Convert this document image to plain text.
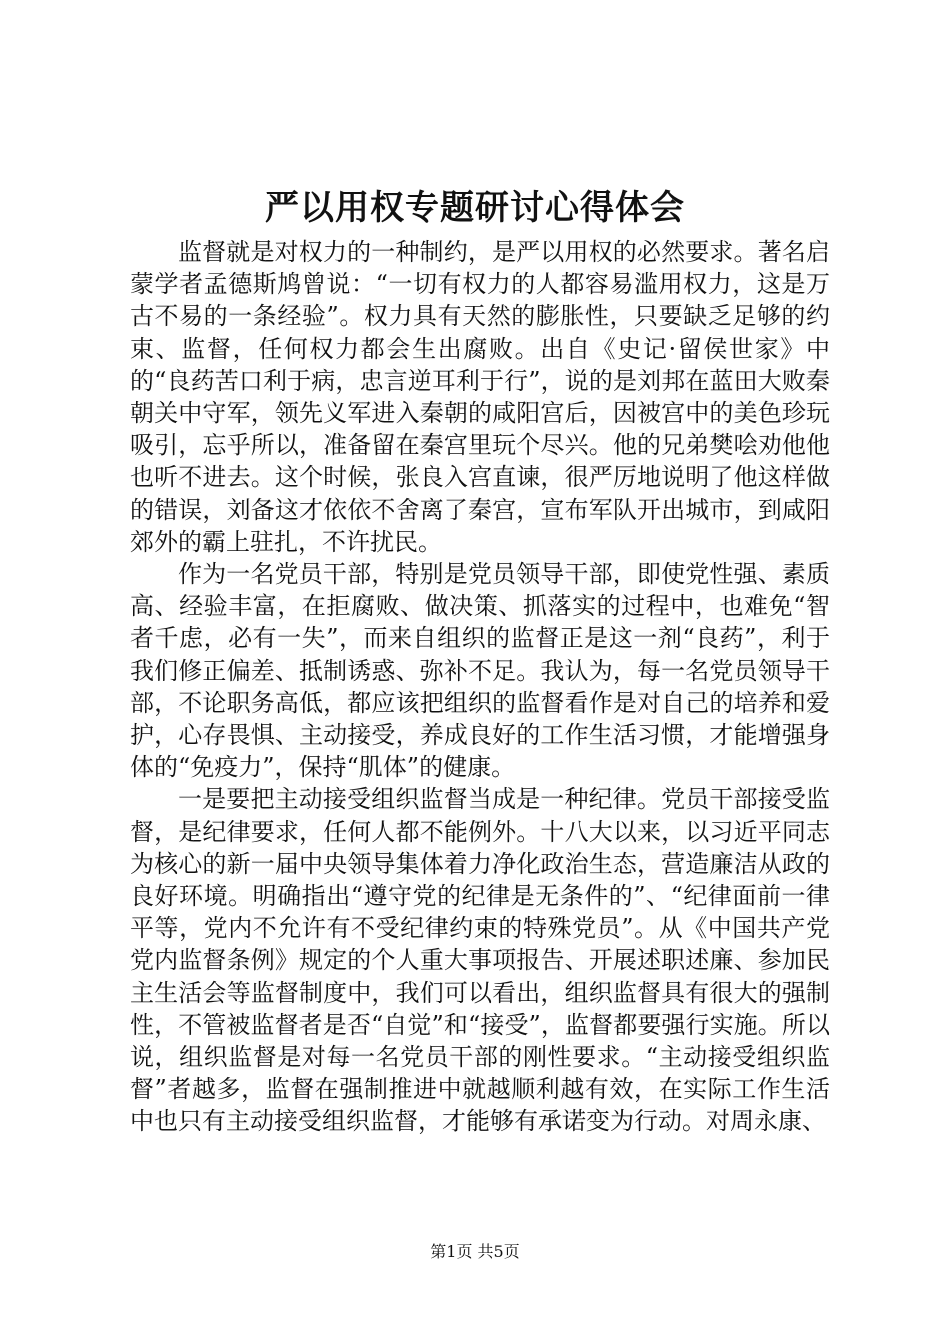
严以用权专题研讨心得体会

监督就是对权力的一种制约，是严以用权的必然要求。著名启蒙学者孟德斯鸠曾说：“一切有权力的人都容易滥用权力，这是万古不易的一条经验”。权力具有天然的膨胀性，只要缺乏足够的约束、监督，任何权力都会生出腐败。出自《史记·留侯世家》中的“良药苦口利于病，忠言逆耳利于行”，说的是刘邦在蓝田大败秦朝关中守军，领先义军进入秦朝的咸阳宫后，因被宫中的美色珍玩吸引，忘乎所以，准备留在秦宫里玩个尽兴。他的兄弟樊哙劝他他也听不进去。这个时候，张良入宫直谏，很严厉地说明了他这样做的错误，刘备这才依依不舍离了秦宫，宣布军队开出城市，到咸阳郊外的霸上驻扎，不许扰民。

作为一名党员干部，特别是党员领导干部，即使党性强、素质高、经验丰富，在拒腐败、做决策、抓落实的过程中，也难免“智者千虑，必有一失”，而来自组织的监督正是这一剂“良药”，利于我们修正偏差、抵制诱惑、弥补不足。我认为，每一名党员领导干部，不论职务高低，都应该把组织的监督看作是对自己的培养和爱护，心存畏惧、主动接受，养成良好的工作生活习惯，才能增强身体的“免疫力”，保持“肌体”的健康。

一是要把主动接受组织监督当成是一种纪律。党员干部接受监督，是纪律要求，任何人都不能例外。十八大以来，以习近平同志为核心的新一届中央领导集体着力净化政治生态，营造廉洁从政的良好环境。明确指出“遵守党的纪律是无条件的”、“纪律面前一律平等，党内不允许有不受纪律约束的特殊党员”。从《中国共产党党内监督条例》规定的个人重大事项报告、开展述职述廉、参加民主生活会等监督制度中，我们可以看出，组织监督具有很大的强制性，不管被监督者是否“自觉”和“接受”，监督都要强行实施。所以说，组织监督是对每一名党员干部的刚性要求。“主动接受组织监督”者越多，监督在强制推进中就越顺利越有效，在实际工作生活中也只有主动接受组织监督，才能够有承诺变为行动。对周永康、

第1页 共5页
